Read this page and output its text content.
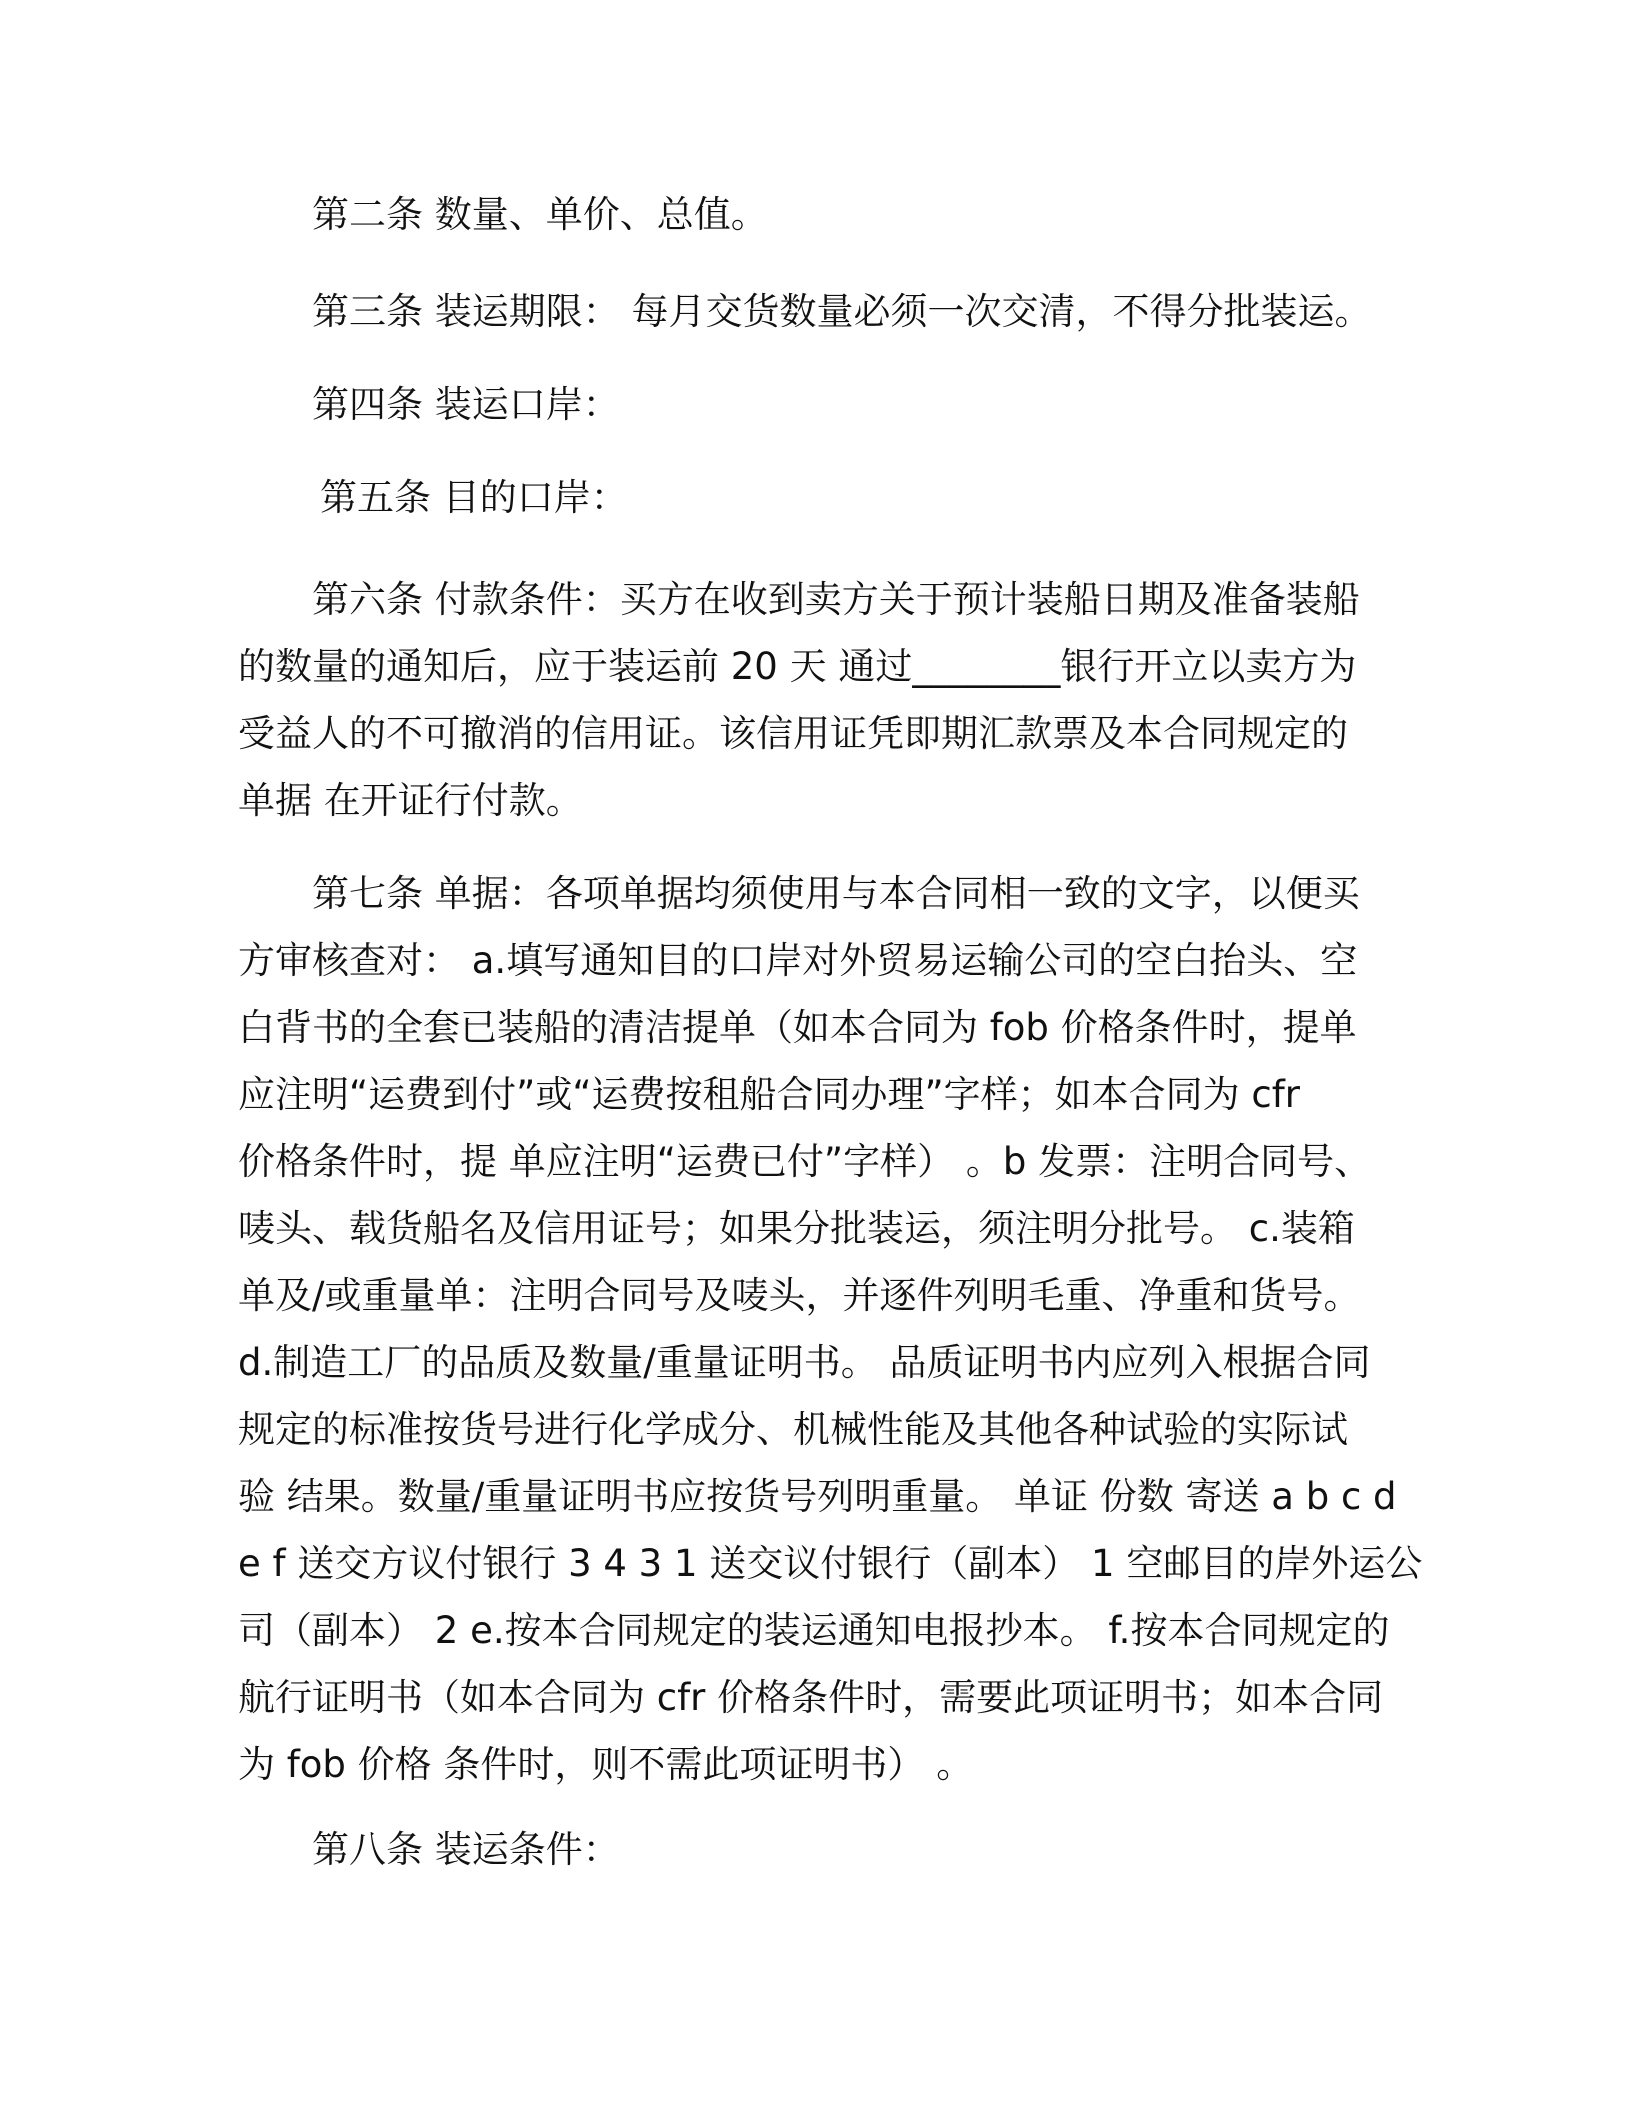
第二条 数量、单价、总值。

第三条 装运期限： 每月交货数量必须一次交清，不得分批装运。

第四条 装运口岸：

第五条 目的口岸：

第六条 付款条件：买方在收到卖方关于预计装船日期及准备装船
的数量的通知后，应于装运前 20 天 通过________银行开立以卖方为
受益人的不可撤消的信用证。该信用证凭即期汇款票及本合同规定的
单据 在开证行付款。
第七条 单据：各项单据均须使用与本合同相一致的文字，以便买
方审核查对： a.填写通知目的口岸对外贸易运输公司的空白抬头、空
白背书的全套已装船的清洁提单（如本合同为 fob 价格条件时，提单
应注明“运费到付”或“运费按租船合同办理”字样；如本合同为 cfr
价格条件时，提 单应注明“运费已付”字样） 。b 发票：注明合同号、
唛头、载货船名及信用证号；如果分批装运，须注明分批号。 c.装箱
单及/或重量单：注明合同号及唛头，并逐件列明毛重、净重和货号。
d.制造工厂的品质及数量/重量证明书。 品质证明书内应列入根据合同
规定的标准按货号进行化学成分、机械性能及其他各种试验的实际试
验 结果。数量/重量证明书应按货号列明重量。 单证 份数 寄送 a b c d
e f 送交方议付银行 3 4 3 1 送交议付银行（副本） 1 空邮目的岸外运公
司（副本） 2 e.按本合同规定的装运通知电报抄本。 f.按本合同规定的
航行证明书（如本合同为 cfr 价格条件时，需要此项证明书；如本合同
为 fob 价格 条件时，则不需此项证明书） 。

第八条 装运条件：
